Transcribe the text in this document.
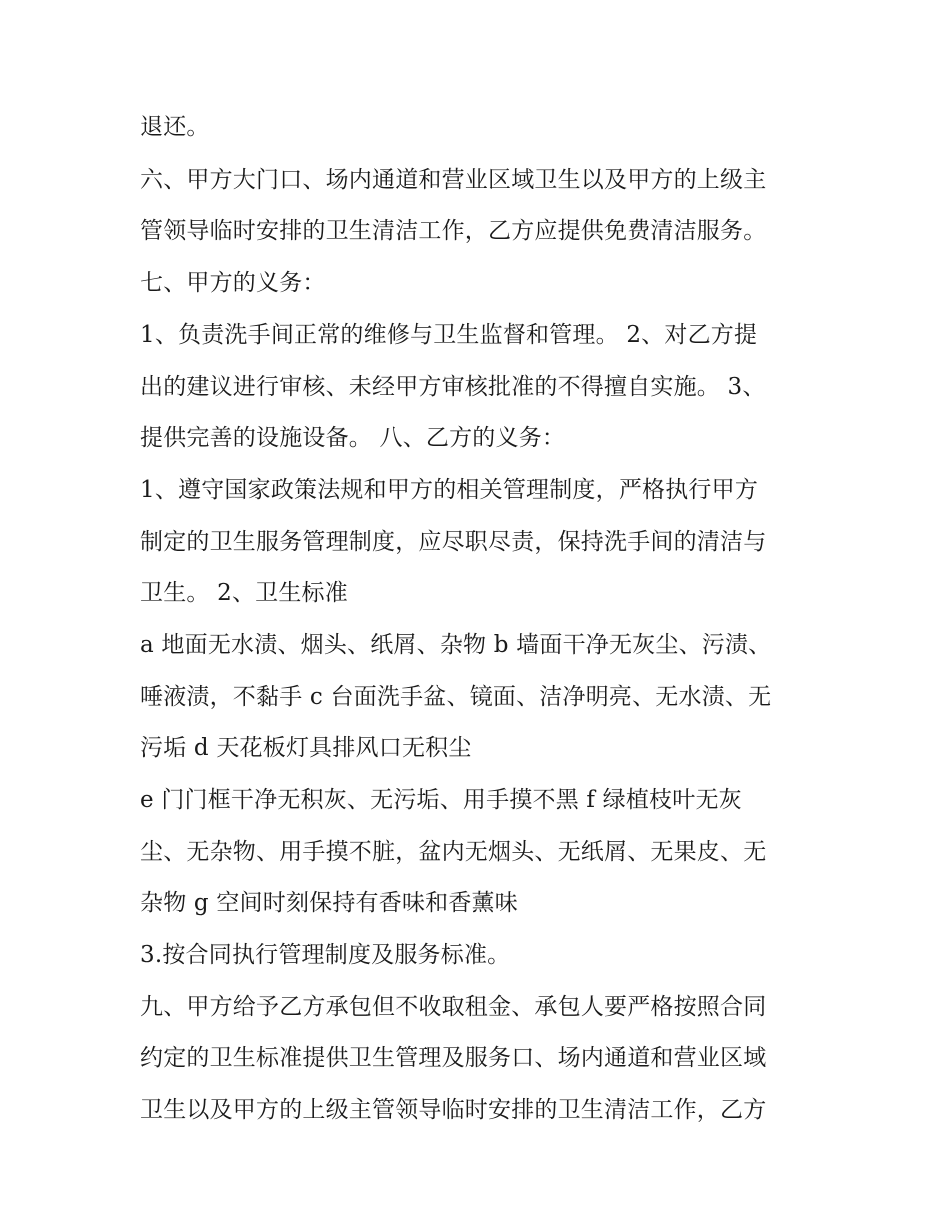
退还。
六、甲方大门口、场内通道和营业区域卫生以及甲方的上级主
管领导临时安排的卫生清洁工作，乙方应提供免费清洁服务。
七、甲方的义务：
1、负责洗手间正常的维修与卫生监督和管理。 2、对乙方提
出的建议进行审核、未经甲方审核批准的不得擅自实施。 3、
提供完善的设施设备。 八、乙方的义务：
1、遵守国家政策法规和甲方的相关管理制度，严格执行甲方
制定的卫生服务管理制度，应尽职尽责，保持洗手间的清洁与
卫生。 2、卫生标准
a 地面无水渍、烟头、纸屑、杂物 b 墙面干净无灰尘、污渍、
唾液渍，不黏手 c 台面洗手盆、镜面、洁净明亮、无水渍、无
污垢 d 天花板灯具排风口无积尘
e 门门框干净无积灰、无污垢、用手摸不黑 f 绿植枝叶无灰
尘、无杂物、用手摸不脏，盆内无烟头、无纸屑、无果皮、无
杂物 g 空间时刻保持有香味和香薰味
3.按合同执行管理制度及服务标准。
九、甲方给予乙方承包但不收取租金、承包人要严格按照合同
约定的卫生标准提供卫生管理及服务口、场内通道和营业区域
卫生以及甲方的上级主管领导临时安排的卫生清洁工作，乙方
